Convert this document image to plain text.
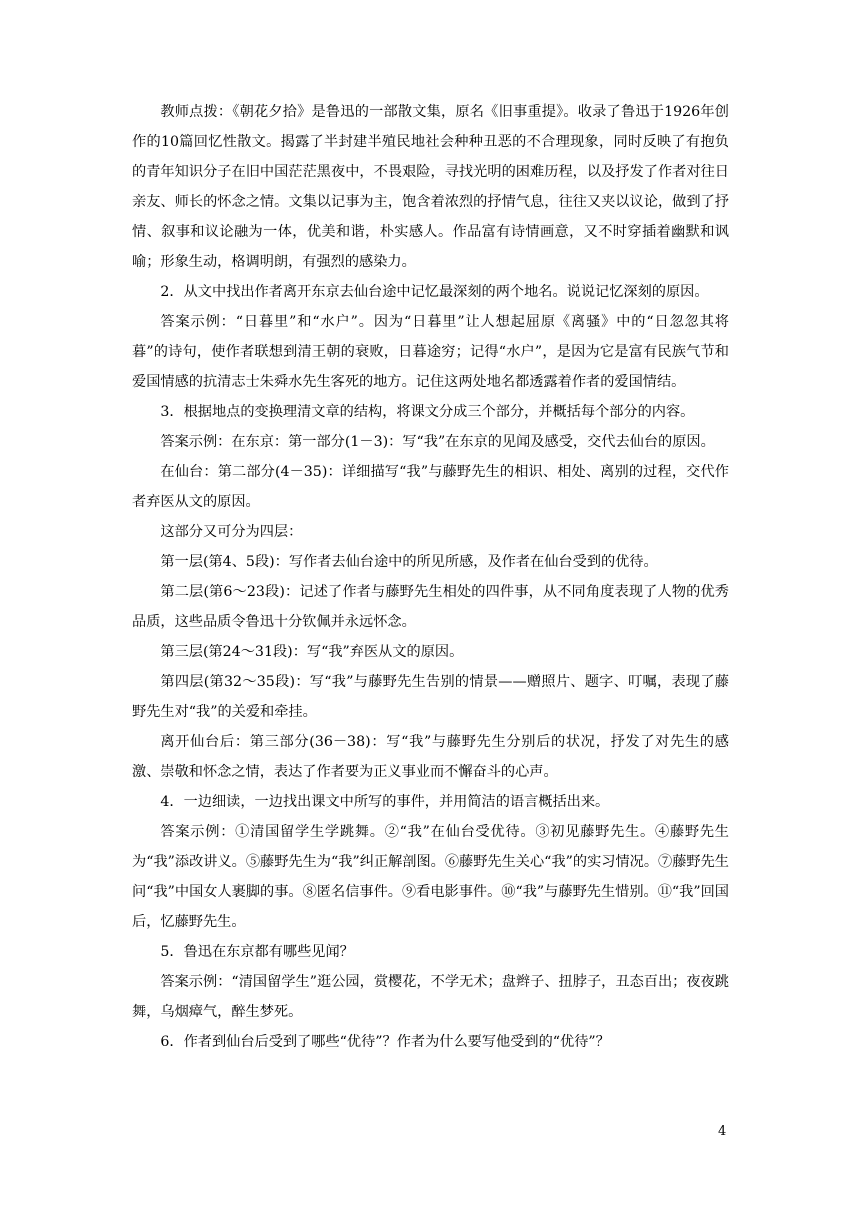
教师点拨：《朝花夕拾》是鲁迅的一部散文集，原名《旧事重提》。收录了鲁迅于1926年创作的10篇回忆性散文。揭露了半封建半殖民地社会种种丑恶的不合理现象，同时反映了有抱负的青年知识分子在旧中国茫茫黑夜中，不畏艰险，寻找光明的困难历程，以及抒发了作者对往日亲友、师长的怀念之情。文集以记事为主，饱含着浓烈的抒情气息，往往又夹以议论，做到了抒情、叙事和议论融为一体，优美和谐，朴实感人。作品富有诗情画意，又不时穿插着幽默和讽喻；形象生动，格调明朗，有强烈的感染力。

2．从文中找出作者离开东京去仙台途中记忆最深刻的两个地名。说说记忆深刻的原因。

答案示例：“日暮里”和“水户”。因为“日暮里”让人想起屈原《离骚》中的“日忽忽其将暮”的诗句，使作者联想到清王朝的衰败，日暮途穷；记得“水户”，是因为它是富有民族气节和爱国情感的抗清志士朱舜水先生客死的地方。记住这两处地名都透露着作者的爱国情结。

3．根据地点的变换理清文章的结构，将课文分成三个部分，并概括每个部分的内容。

答案示例：在东京：第一部分(1－3)：写“我”在东京的见闻及感受，交代去仙台的原因。

在仙台：第二部分(4－35)：详细描写“我”与藤野先生的相识、相处、离别的过程，交代作者弃医从文的原因。

这部分又可分为四层：

第一层(第4、5段)：写作者去仙台途中的所见所感，及作者在仙台受到的优待。

第二层(第6～23段)：记述了作者与藤野先生相处的四件事，从不同角度表现了人物的优秀品质，这些品质令鲁迅十分钦佩并永远怀念。

第三层(第24～31段)：写“我”弃医从文的原因。

第四层(第32～35段)：写“我”与藤野先生告别的情景——赠照片、题字、叮嘱，表现了藤野先生对“我”的关爱和牵挂。

离开仙台后：第三部分(36－38)：写“我”与藤野先生分别后的状况，抒发了对先生的感激、崇敬和怀念之情，表达了作者要为正义事业而不懈奋斗的心声。

4．一边细读，一边找出课文中所写的事件，并用简洁的语言概括出来。

答案示例：①清国留学生学跳舞。②“我”在仙台受优待。③初见藤野先生。④藤野先生为“我”添改讲义。⑤藤野先生为“我”纠正解剖图。⑥藤野先生关心“我”的实习情况。⑦藤野先生问“我”中国女人裹脚的事。⑧匿名信事件。⑨看电影事件。⑩“我”与藤野先生惜别。⑪“我”回国后，忆藤野先生。

5．鲁迅在东京都有哪些见闻？

答案示例：“清国留学生”逛公园，赏樱花，不学无术；盘辫子、扭脖子，丑态百出；夜夜跳舞，乌烟瘴气，醉生梦死。

6．作者到仙台后受到了哪些“优待”？作者为什么要写他受到的“优待”？

4
